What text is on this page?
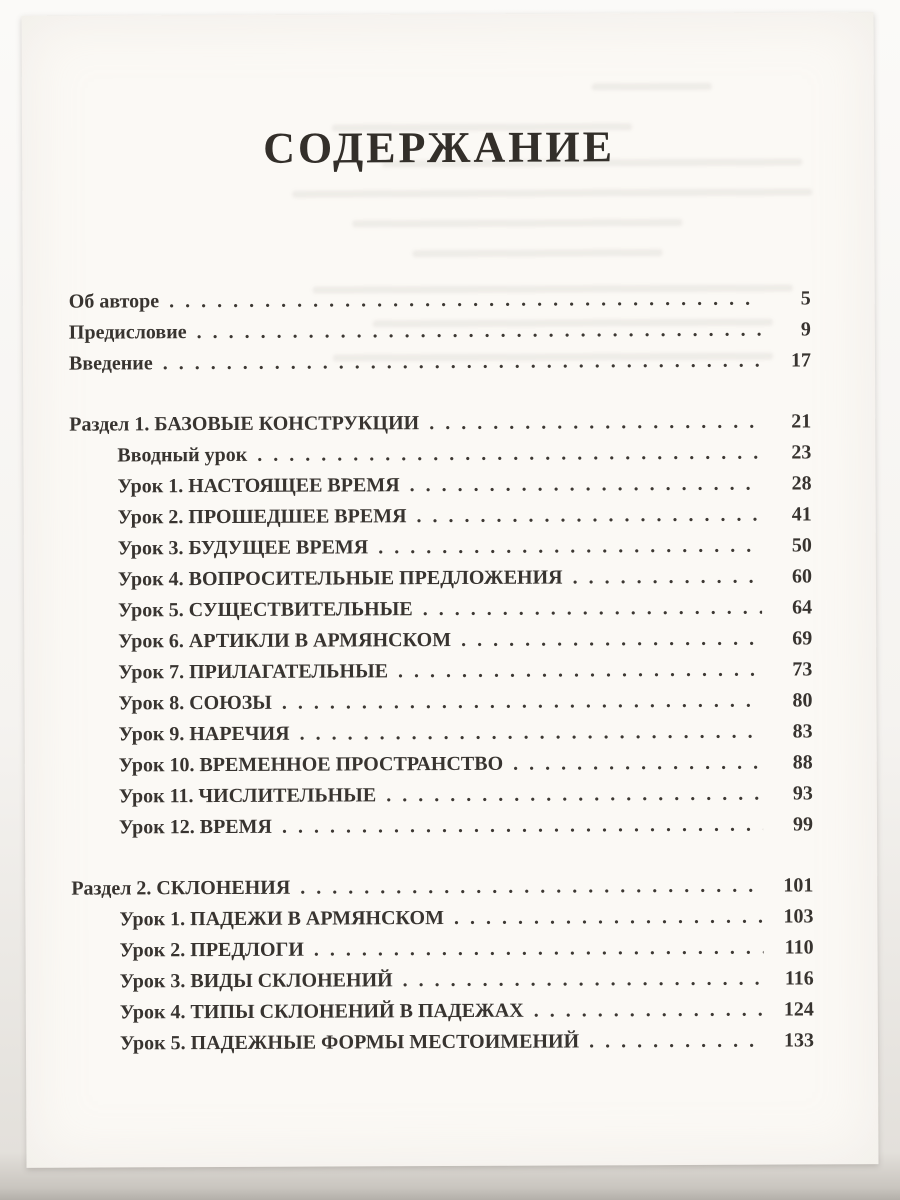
СОДЕРЖАНИЕ
Об авторе . . .	5
Предисловие . . .	9
Введение . . .	17
Раздел 1. БАЗОВЫЕ КОНСТРУКЦИИ . . .	21
Вводный урок . . .	23
Урок 1. НАСТОЯЩЕЕ ВРЕМЯ . . .	28
Урок 2. ПРОШЕДШЕЕ ВРЕМЯ . . .	41
Урок 3. БУДУЩЕЕ ВРЕМЯ . . .	50
Урок 4. ВОПРОСИТЕЛЬНЫЕ ПРЕДЛОЖЕНИЯ . . .	60
Урок 5. СУЩЕСТВИТЕЛЬНЫЕ . . .	64
Урок 6. АРТИКЛИ В АРМЯНСКОМ . . .	69
Урок 7. ПРИЛАГАТЕЛЬНЫЕ . . .	73
Урок 8. СОЮЗЫ . . .	80
Урок 9. НАРЕЧИЯ . . .	83
Урок 10. ВРЕМЕННОЕ ПРОСТРАНСТВО . . .	88
Урок 11. ЧИСЛИТЕЛЬНЫЕ . . .	93
Урок 12. ВРЕМЯ . . .	99
Раздел 2. СКЛОНЕНИЯ . . .	101
Урок 1. ПАДЕЖИ В АРМЯНСКОМ . . .	103
Урок 2. ПРЕДЛОГИ . . .	110
Урок 3. ВИДЫ СКЛОНЕНИЙ . . .	116
Урок 4. ТИПЫ СКЛОНЕНИЙ В ПАДЕЖАХ . . .	124
Урок 5. ПАДЕЖНЫЕ ФОРМЫ МЕСТОИМЕНИЙ . . .	133
